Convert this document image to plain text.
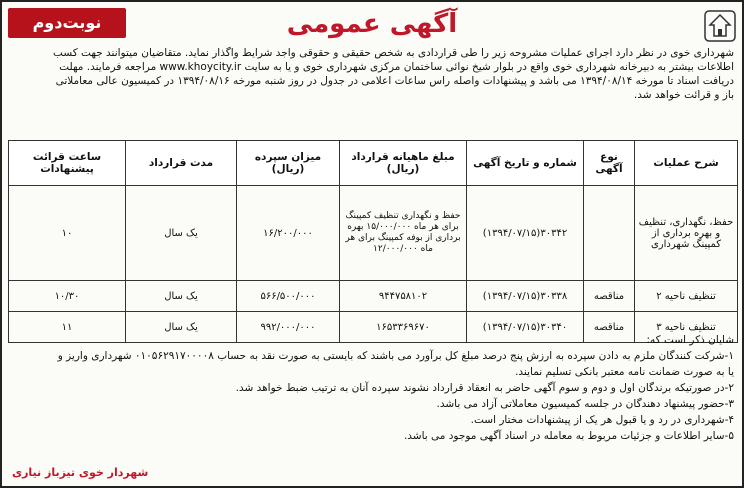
نوبت‌دوم	آگهی عمومی

شهرداری خوی در نظر دارد اجرای عملیات مشروحه زیر را طی قراردادی به شخص حقیقی و حقوقی واجد شرایط واگذار نماید. متقاضیان میتوانند جهت کسب

اطلاعات بیشتر به دبیرخانه شهرداری خوی واقع در بلوار شیخ نوائی ساختمان مرکزی شهرداری خوی و یا به سایت www.khoycity.ir مراجعه فرمایند. مهلت

دریافت اسناد تا مورخه ۱۳۹۴/۰۸/۱۴ می باشد و پیشنهادات واصله راس ساعات اعلامی در جدول در روز شنبه مورخه ۱۳۹۴/۰۸/۱۶ در کمیسیون عالی معاملاتی

باز و قرائت خواهد شد.

شرح عملیات	نوع آگهی	شماره و تاریخ آگهی	مبلغ ماهیانه قرارداد (ریال)	میزان سپرده (ریال)	مدت قرارداد	ساعت قرائت پیشنهادات
حفظ، نگهداری، تنظیف و بهره برداری از کمپینگ شهرداری		۳۰۳۴۲(۱۳۹۴/۰۷/۱۵)	حفظ و نگهداری تنظیف کمپینگ برای هر ماه ۱۵/۰۰۰/۰۰۰ بهره برداری از بوفه کمپینگ برای هر ماه ۱۲/۰۰۰/۰۰۰	۱۶/۲۰۰/۰۰۰	یک سال	۱۰
تنظیف ناحیه ۲	مناقصه	۳۰۳۳۸(۱۳۹۴/۰۷/۱۵)	۹۴۴۷۵۸۱۰۲	۵۶۶/۵۰۰/۰۰۰	یک سال	۱۰/۳۰
تنظیف ناحیه ۳	مناقصه	۳۰۳۴۰(۱۳۹۴/۰۷/۱۵)	۱۶۵۳۳۶۹۶۷۰	۹۹۲/۰۰۰/۰۰۰	یک سال	۱۱
شایان ذکر است که:
۱-شرکت کنندگان ملزم به دادن سپرده به ارزش پنج درصد مبلغ کل برآورد می باشند که بایستی به صورت نقد به حساب ۰۱۰۵۶۲۹۱۷۰۰۰۰۸ شهرداری واریز و
یا به صورت ضمانت نامه معتبر بانکی تسلیم نمایند.
۲-در صورتیکه برندگان اول و دوم و سوم آگهی حاضر به انعقاد قرارداد نشوند سپرده آنان به ترتیب ضبط خواهد شد.
۳-حضور پیشنهاد دهندگان در جلسه کمیسیون معاملاتی آزاد می باشد.
۴-شهرداری در رد و یا قبول هر یک از پیشنهادات مختار است.
۵-سایر اطلاعات و جزئیات مربوط به معامله در اسناد آگهی موجود می باشد.
شهردار خوی تیزباز نیاری
